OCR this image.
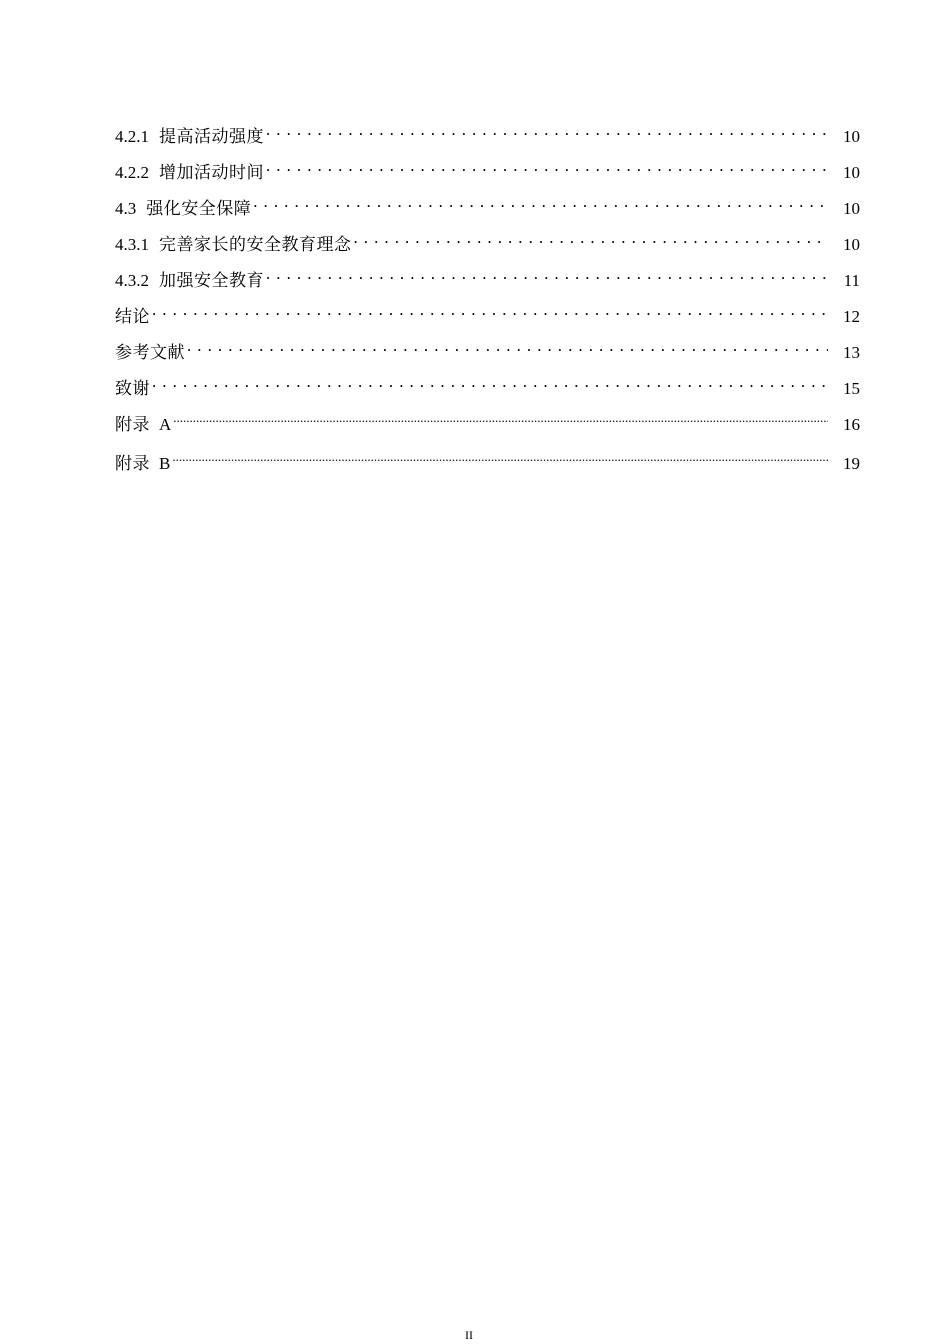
4.2.1 提高活动强度 . . .	10
4.2.2 增加活动时间 . . .	10
4.3 强化安全保障 . . .	10
4.3.1 完善家长的安全教育理念 . . .	10
4.3.2 加强安全教育 . . .	11
结论 . . .	12
参考文献 . . .	13
致谢 . . .	15
附录 A .....	16
附录 B .....	19
II
